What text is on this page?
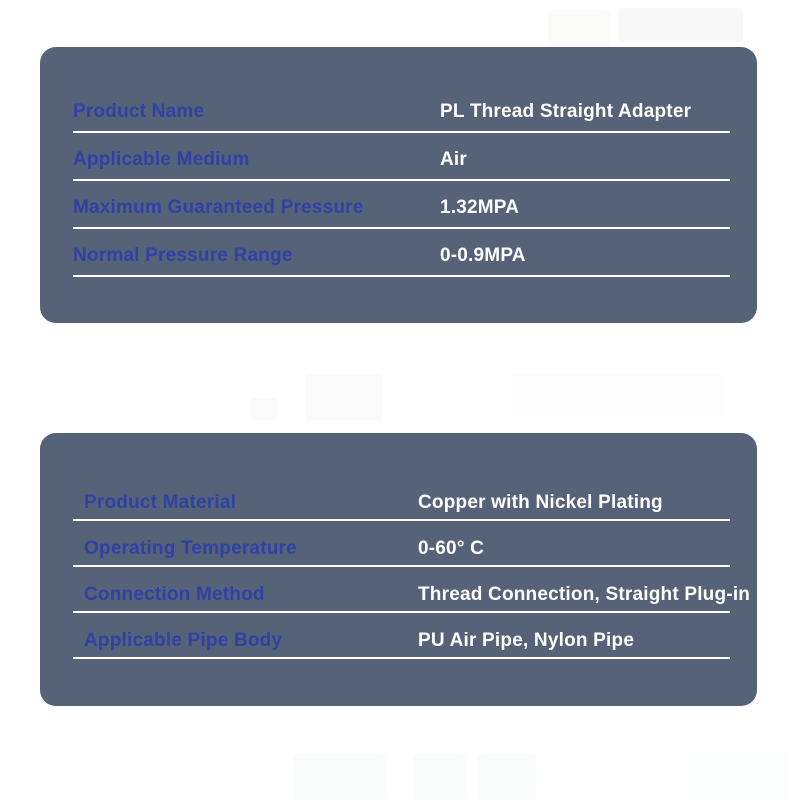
Product Name	PL Thread Straight Adapter
Applicable Medium	Air
Maximum Guaranteed Pressure	1.32MPA
Normal Pressure Range	0-0.9MPA
Product Material	Copper with Nickel Plating
Operating Temperature	0-60° C
Connection Method	Thread Connection, Straight Plug-in
Applicable Pipe Body	PU Air Pipe, Nylon Pipe
